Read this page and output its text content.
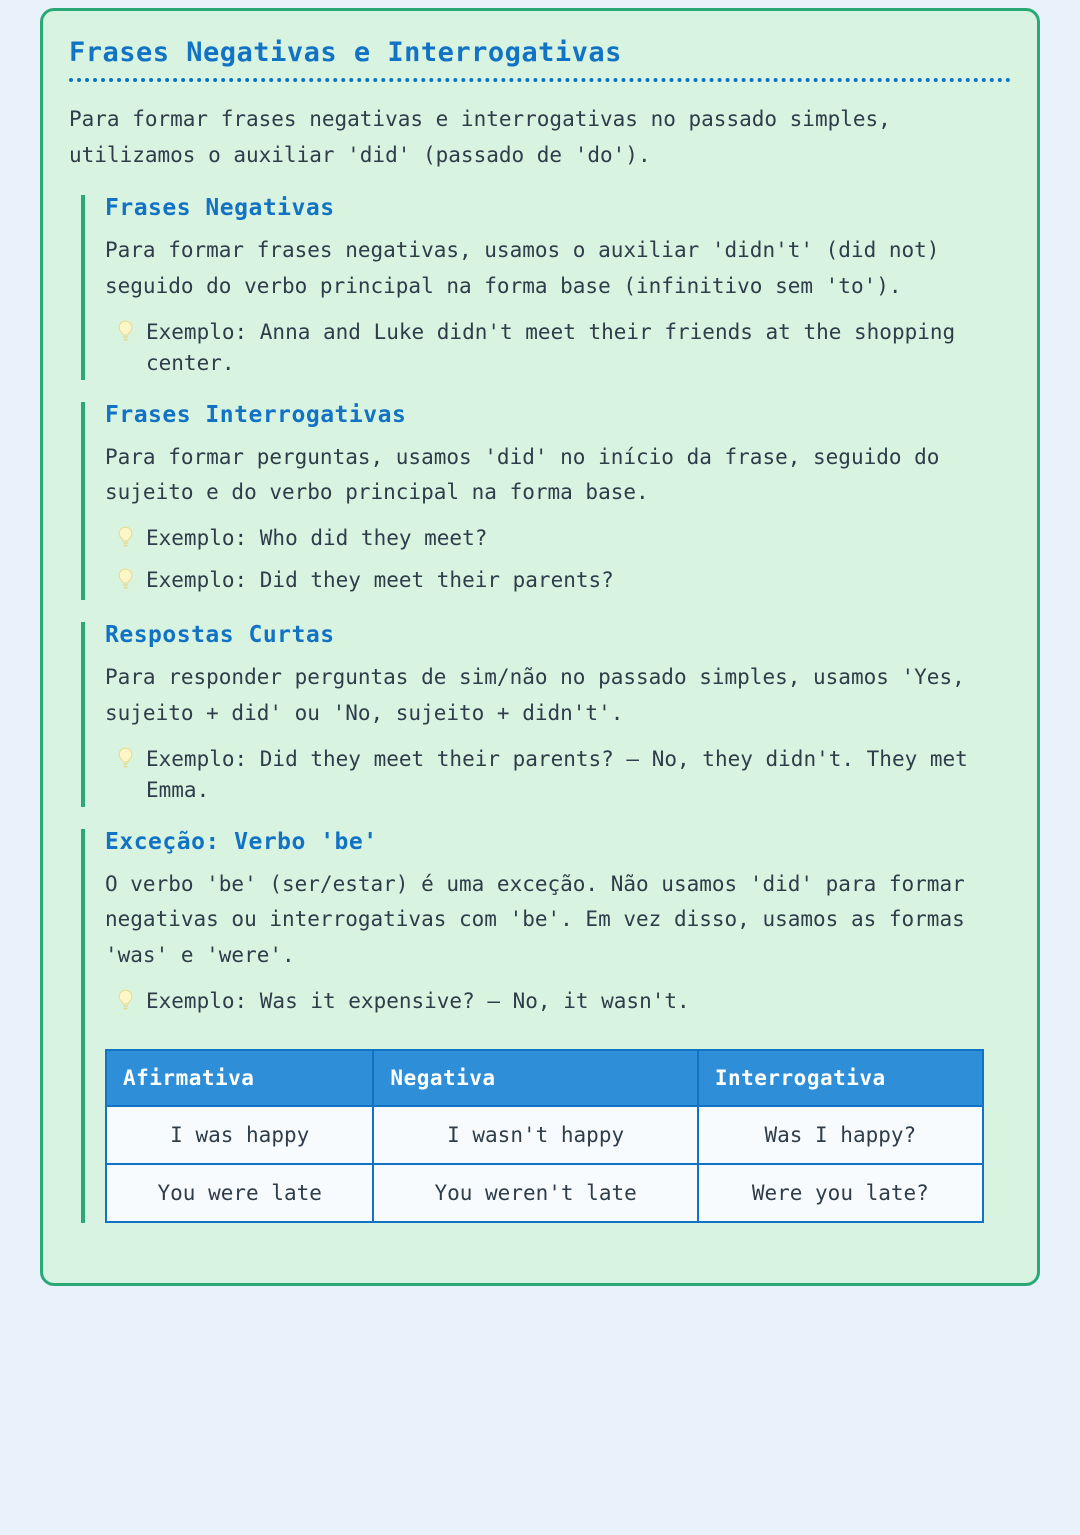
Frases Negativas e Interrogativas

Para formar frases negativas e interrogativas no passado simples, utilizamos o auxiliar 'did' (passado de 'do').

Frases Negativas

Para formar frases negativas, usamos o auxiliar 'didn't' (did not) seguido do verbo principal na forma base (infinitivo sem 'to').

Exemplo: Anna and Luke didn't meet their friends at the shopping center.
Frases Interrogativas

Para formar perguntas, usamos 'did' no início da frase, seguido do sujeito e do verbo principal na forma base.

Exemplo: Who did they meet?
Exemplo: Did they meet their parents?
Respostas Curtas

Para responder perguntas de sim/não no passado simples, usamos 'Yes, sujeito + did' ou 'No, sujeito + didn't'.

Exemplo: Did they meet their parents? – No, they didn't. They met Emma.
Exceção: Verbo 'be'

O verbo 'be' (ser/estar) é uma exceção. Não usamos 'did' para formar negativas ou interrogativas com 'be'. Em vez disso, usamos as formas 'was' e 'were'.

Exemplo: Was it expensive? – No, it wasn't.
Afirmativa	Negativa	Interrogativa
I was happy	I wasn't happy	Was I happy?
You were late	You weren't late	Were you late?
